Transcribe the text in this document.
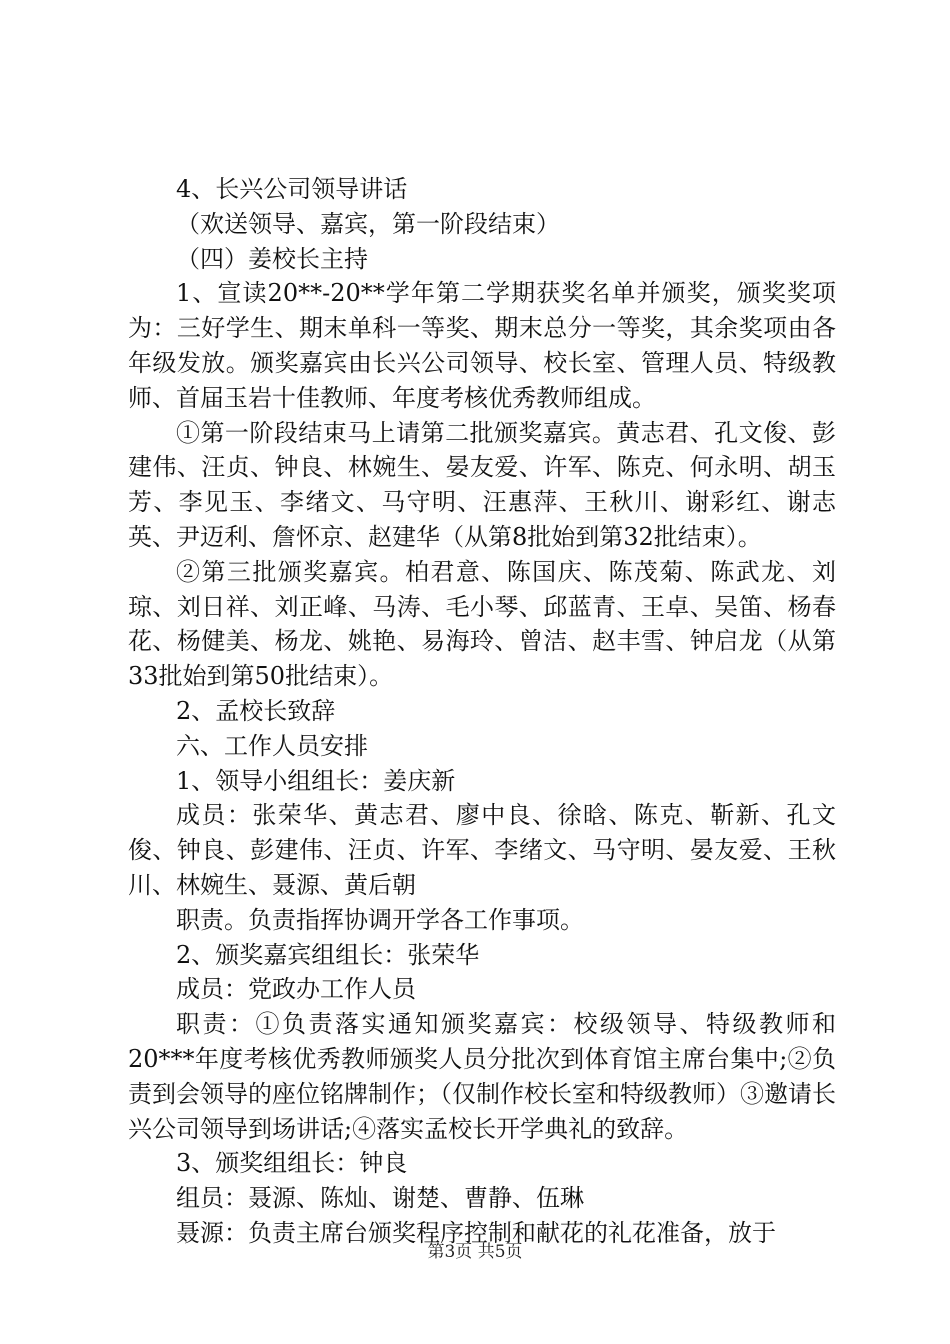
4、长兴公司领导讲话

（欢送领导、嘉宾，第一阶段结束）

（四）姜校长主持

1、宣读20**-20**学年第二学期获奖名单并颁奖，颁奖奖项为：三好学生、期末单科一等奖、期末总分一等奖，其余奖项由各年级发放。颁奖嘉宾由长兴公司领导、校长室、管理人员、特级教师、首届玉岩十佳教师、年度考核优秀教师组成。

①第一阶段结束马上请第二批颁奖嘉宾。黄志君、孔文俊、彭建伟、汪贞、钟良、林婉生、晏友爱、许军、陈克、何永明、胡玉芳、李见玉、李绪文、马守明、汪惠萍、王秋川、谢彩红、谢志英、尹迈利、詹怀京、赵建华（从第8批始到第32批结束）。

②第三批颁奖嘉宾。柏君意、陈国庆、陈茂菊、陈武龙、刘琼、刘日祥、刘正峰、马涛、毛小琴、邱蓝青、王卓、吴笛、杨春花、杨健美、杨龙、姚艳、易海玲、曾洁、赵丰雪、钟启龙（从第33批始到第50批结束）。

2、孟校长致辞

六、工作人员安排

1、领导小组组长：姜庆新

成员：张荣华、黄志君、廖中良、徐晗、陈克、靳新、孔文俊、钟良、彭建伟、汪贞、许军、李绪文、马守明、晏友爱、王秋川、林婉生、聂源、黄后朝

职责。负责指挥协调开学各工作事项。

2、颁奖嘉宾组组长：张荣华

成员：党政办工作人员

职责：①负责落实通知颁奖嘉宾：校级领导、特级教师和20***年度考核优秀教师颁奖人员分批次到体育馆主席台集中;②负责到会领导的座位铭牌制作；（仅制作校长室和特级教师）③邀请长兴公司领导到场讲话;④落实孟校长开学典礼的致辞。

3、颁奖组组长：钟良

组员：聂源、陈灿、谢楚、曹静、伍琳

聂源：负责主席台颁奖程序控制和献花的礼花准备，放于

第3页 共5页
